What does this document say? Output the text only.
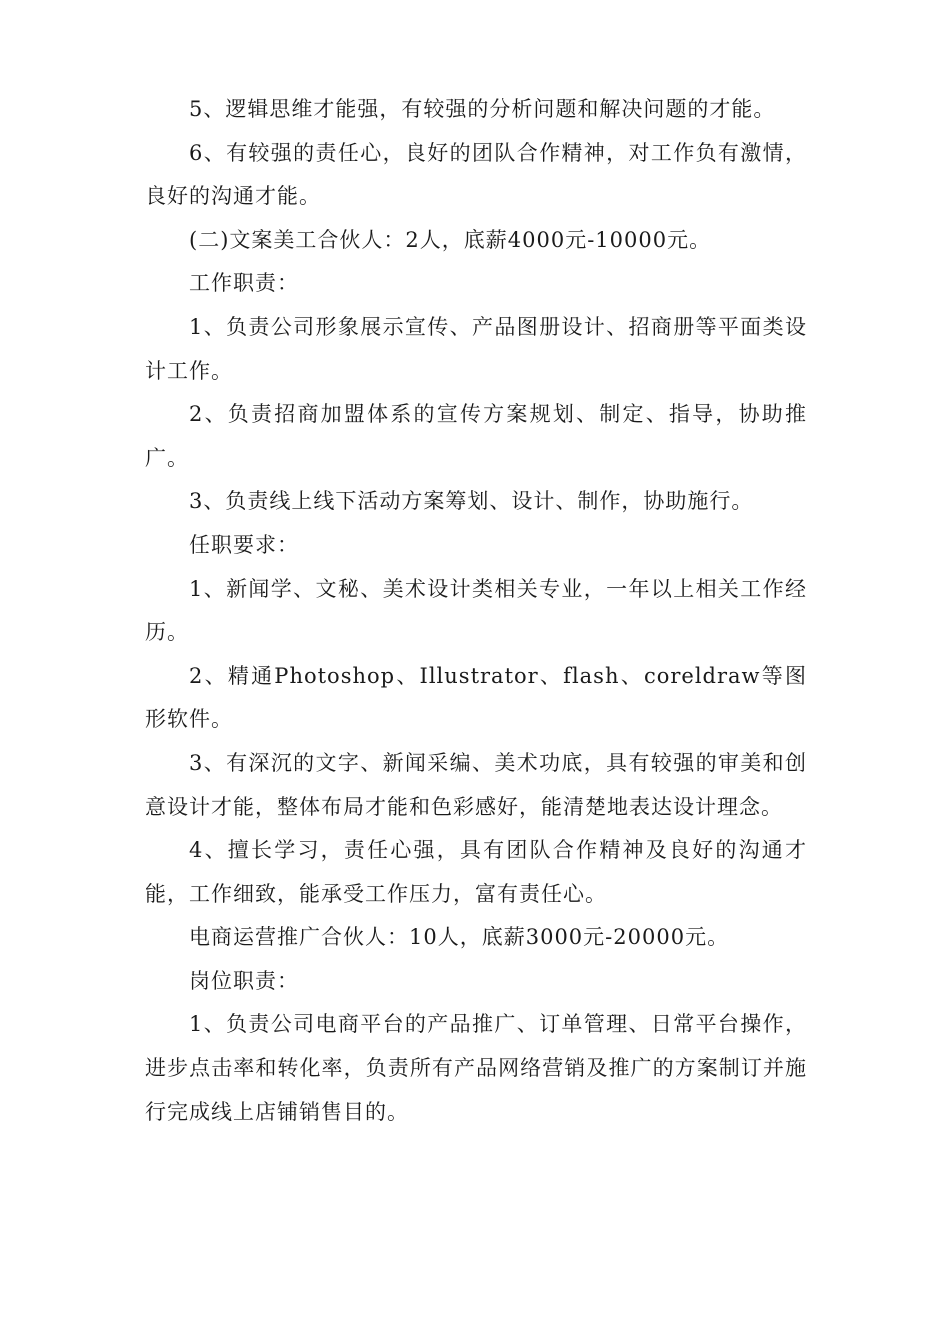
5、逻辑思维才能强，有较强的分析问题和解决问题的才能。

6、有较强的责任心，良好的团队合作精神，对工作负有激情，良好的沟通才能。

(二)文案美工合伙人：2人，底薪4000元-10000元。

工作职责：

1、负责公司形象展示宣传、产品图册设计、招商册等平面类设计工作。

2、负责招商加盟体系的宣传方案规划、制定、指导，协助推广。

3、负责线上线下活动方案筹划、设计、制作，协助施行。

任职要求：

1、新闻学、文秘、美术设计类相关专业，一年以上相关工作经历。

2、精通Photoshop、Illustrator、flash、coreldraw等图形软件。

3、有深沉的文字、新闻采编、美术功底，具有较强的审美和创意设计才能，整体布局才能和色彩感好，能清楚地表达设计理念。

4、擅长学习，责任心强，具有团队合作精神及良好的沟通才能，工作细致，能承受工作压力，富有责任心。

电商运营推广合伙人：10人，底薪3000元-20000元。

岗位职责：

1、负责公司电商平台的产品推广、订单管理、日常平台操作，进步点击率和转化率，负责所有产品网络营销及推广的方案制订并施行完成线上店铺销售目的。
